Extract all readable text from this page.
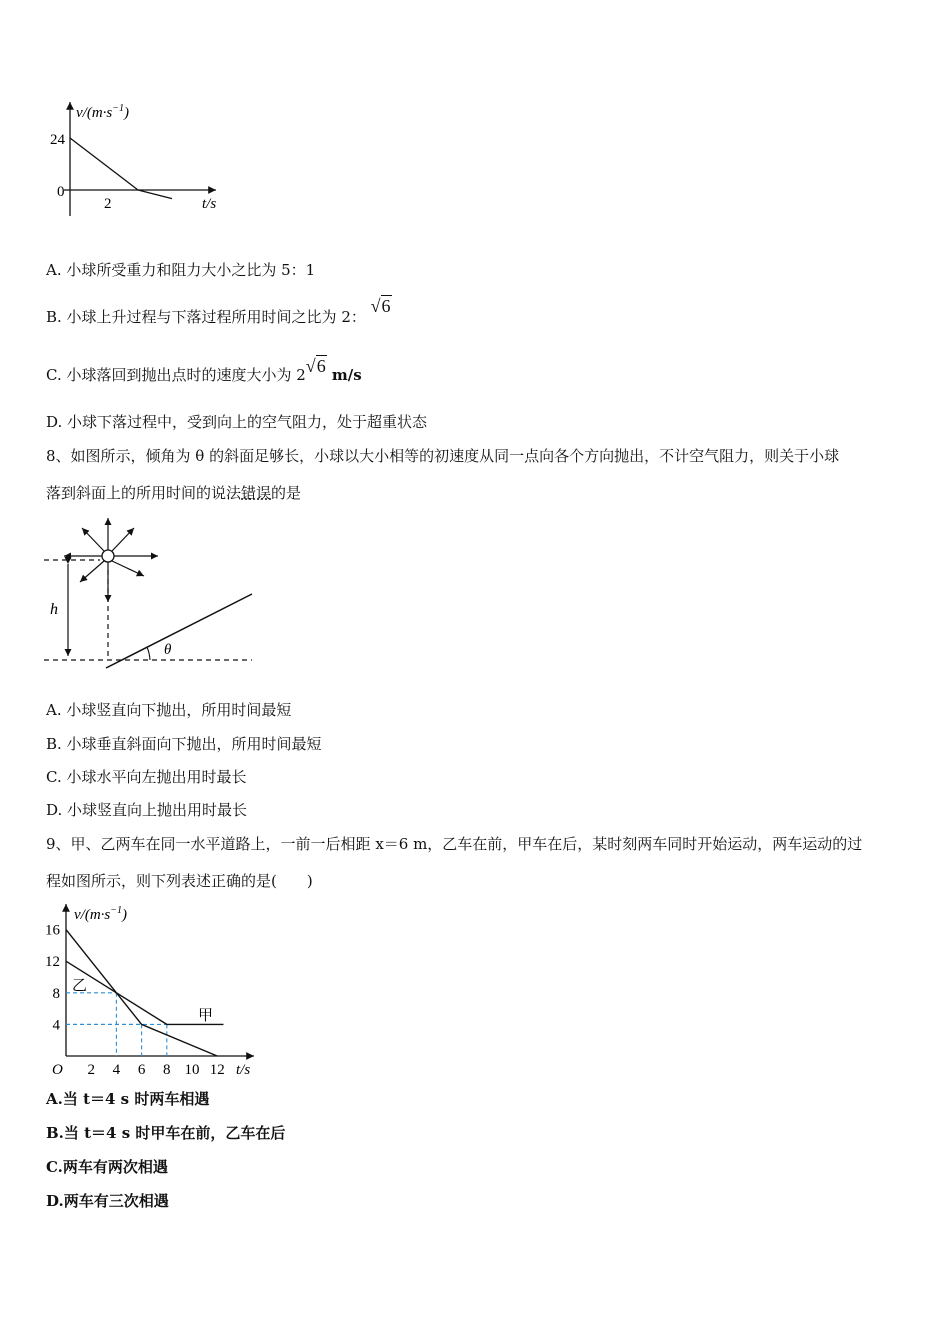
$v/(m\cdot s^{-1})$
24
0
2	t/s
A. 小球所受重力和阻力大小之比为 5：1
B. 小球上升过程与下落过程所用时间之比为 2： √6
C. 小球落回到抛出点时的速度大小为 2√6 m/s
D. 小球下落过程中，受到向上的空气阻力，处于超重状态
8、如图所示，倾角为 θ 的斜面足够长，小球以大小相等的初速度从同一点向各个方向抛出，不计空气阻力，则关于小球
落到斜面上的所用时间的说法错误的是
h
θ
A. 小球竖直向下抛出，所用时间最短
B. 小球垂直斜面向下抛出，所用时间最短
C. 小球水平向左抛出用时最长
D. 小球竖直向上抛出用时最长
9、甲、乙两车在同一水平道路上，一前一后相距 x＝6 m，乙车在前，甲车在后，某时刻两车同时开始运动，两车运动的过
程如图所示，则下列表述正确的是(　　)
$v/(m\cdot s^{-1})$
t/s
O 2 4 6 8 10 12
16
12
8
4
甲
乙
A.当 t＝4 s 时两车相遇
B.当 t＝4 s 时甲车在前，乙车在后
C.两车有两次相遇
D.两车有三次相遇
